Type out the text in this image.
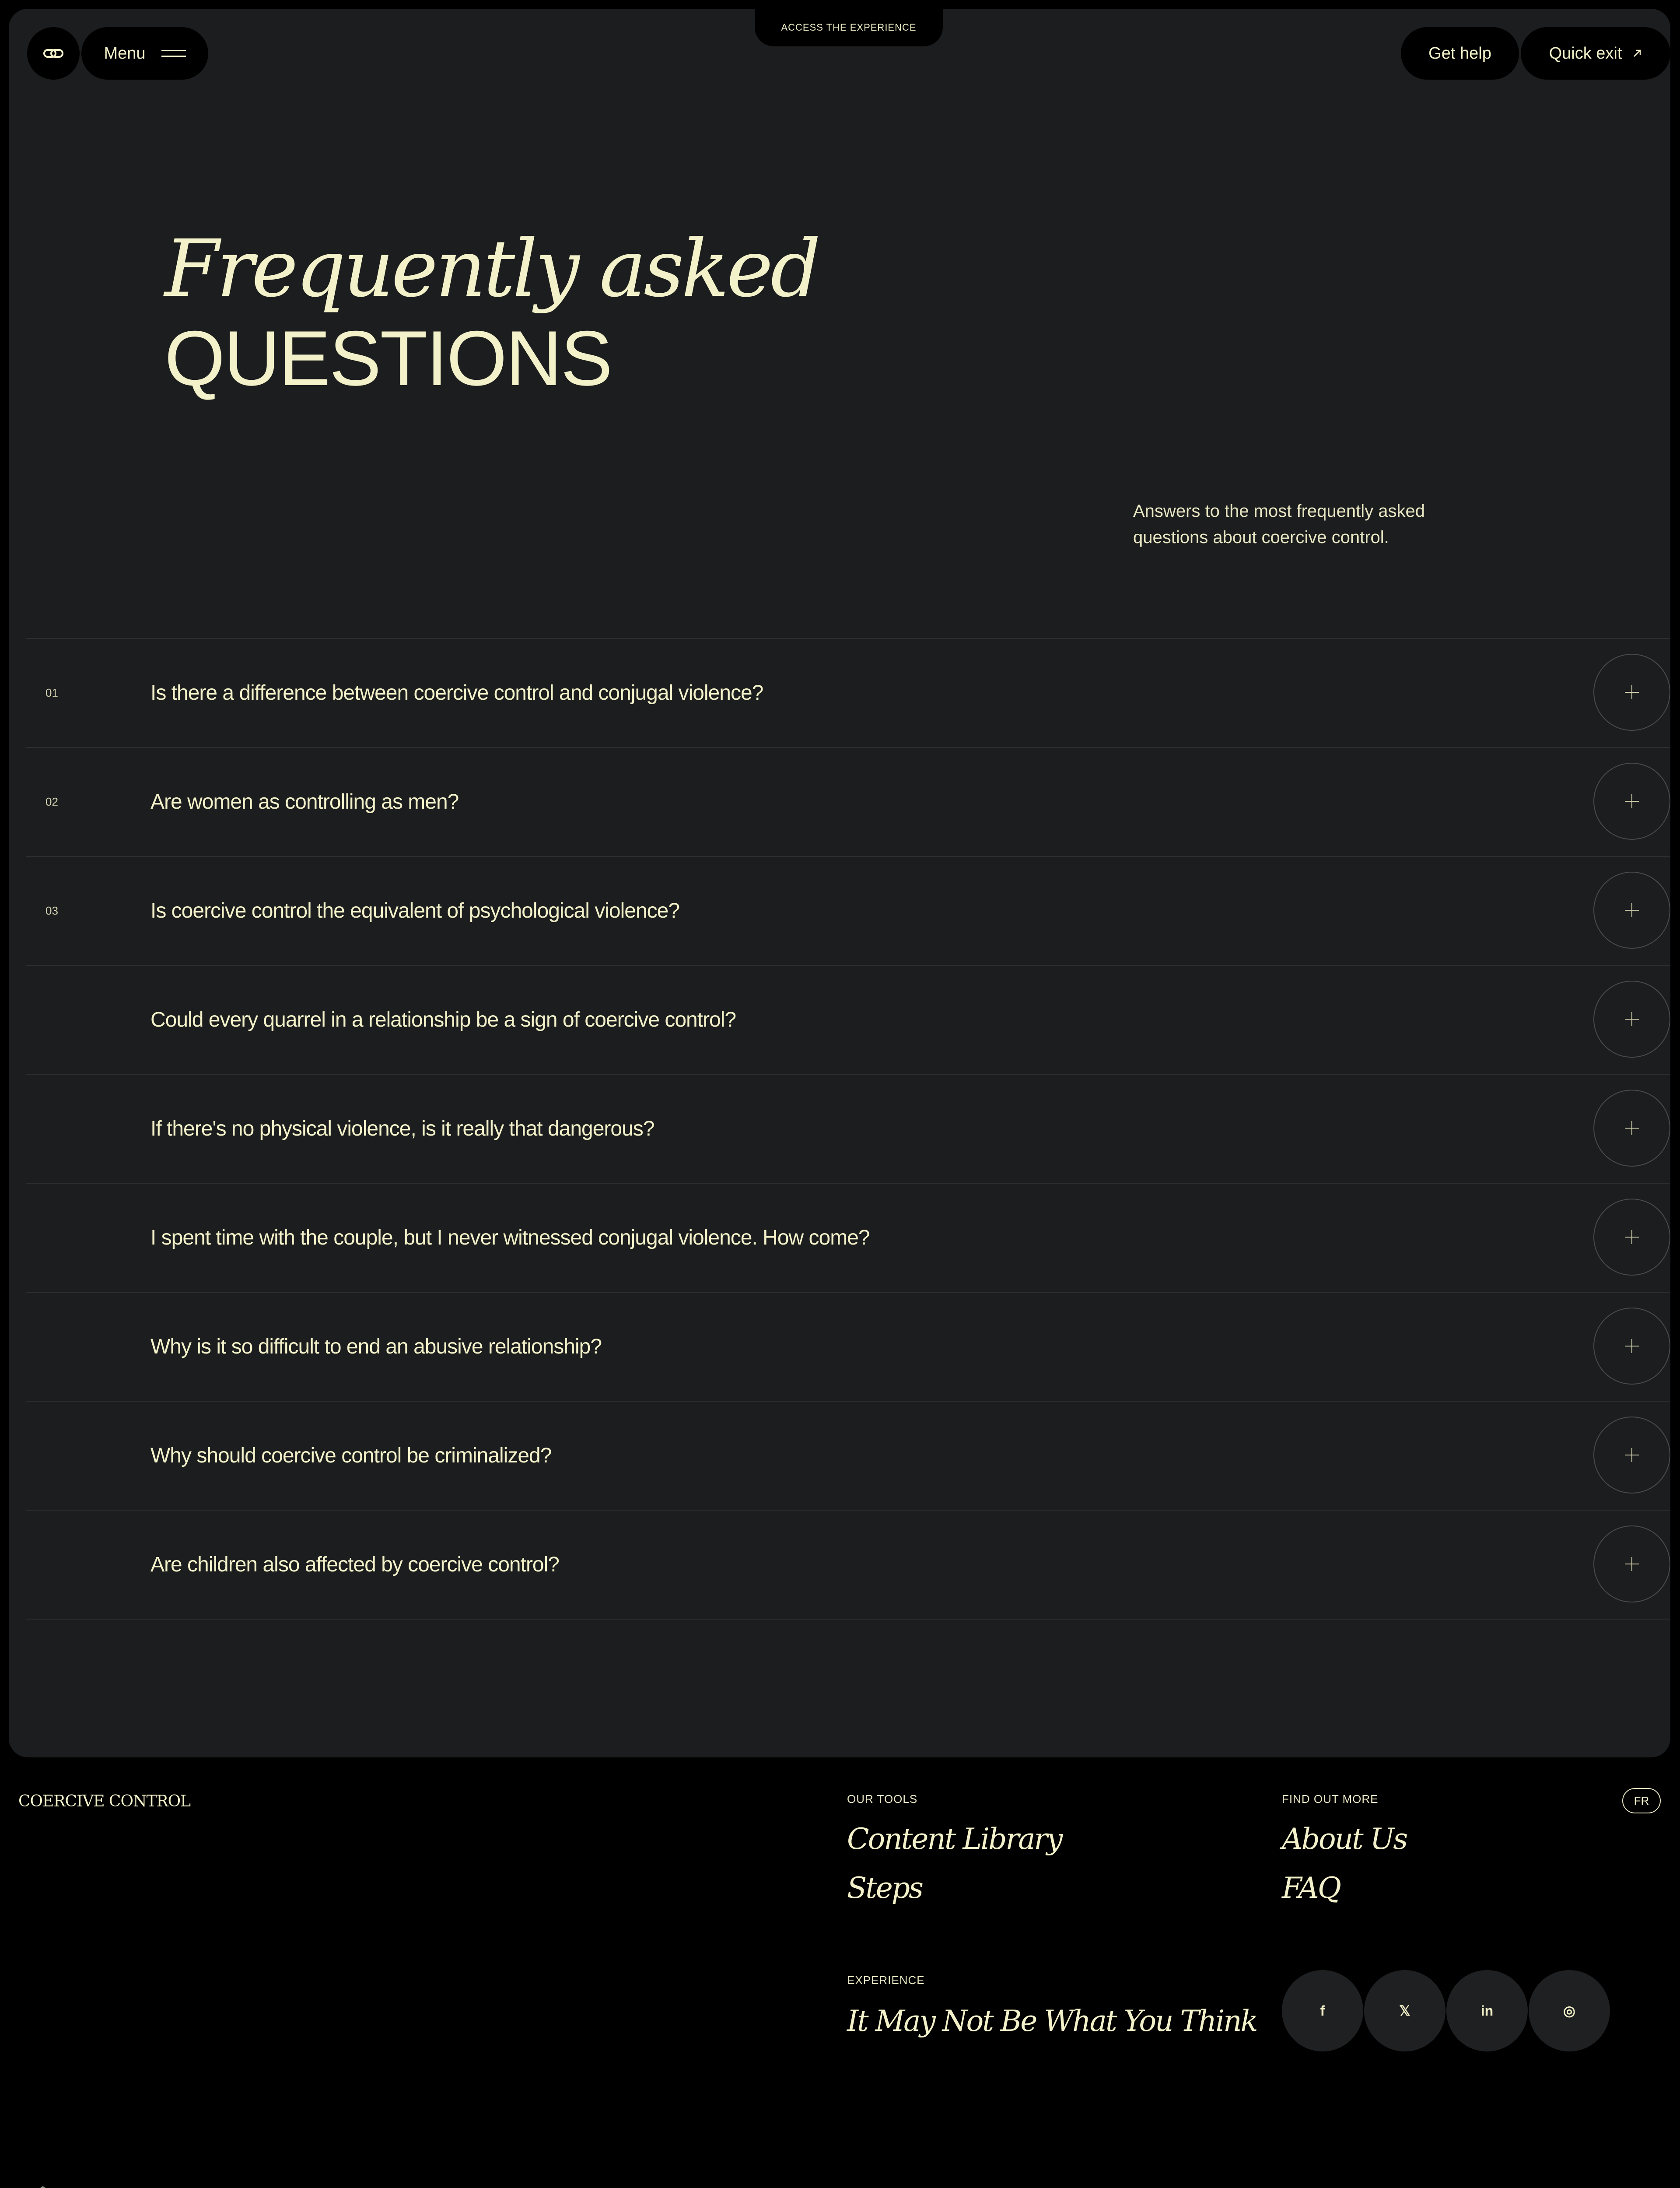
ACCESS THE EXPERIENCE
Menu	Get help	Quick exit
Frequently asked
QUESTIONS
Answers to the most frequently asked
questions about coercive control.
01	Is there a difference between coercive control and conjugal violence?
02	Are women as controlling as men?
03	Is coercive control the equivalent of psychological violence?
Could every quarrel in a relationship be a sign of coercive control?
If there's no physical violence, is it really that dangerous?
I spent time with the couple, but I never witnessed conjugal violence. How come?
Why is it so difficult to end an abusive relationship?
Why should coercive control be criminalized?
Are children also affected by coercive control?
COERCIVE CONTROL	OUR TOOLS
Content Library
Steps
FIND OUT MORE
About Us
FAQ
FR
EXPERIENCE
It May Not Be What You Think	f	𝕏	in	◎
